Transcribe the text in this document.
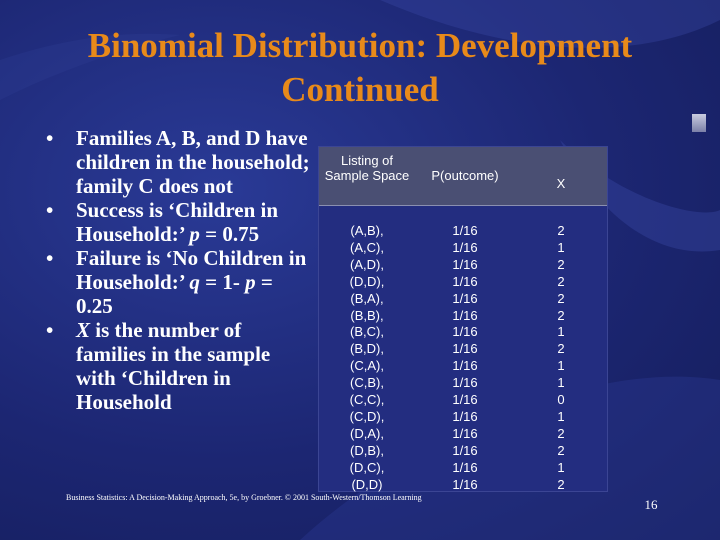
Binomial Distribution: Development
Continued
• Families A, B, and D have children in the household; family C does not
• Success is ‘Children in Household:’ p = 0.75
• Failure is ‘No Children in Household:’ q = 1- p = 0.25
• X is the number of families in the sample with ‘Children in Household
Listing of Sample Space	P(outcome)
X
(A,B),
(A,C),
(A,D),
(D,D),
(B,A),
(B,B),
(B,C),
(B,D),
(C,A),
(C,B),
(C,C),
(C,D),
(D,A),
(D,B),
(D,C),
(D,D)
1/16
1/16
1/16
1/16
1/16
1/16
1/16
1/16
1/16
1/16
1/16
1/16
1/16
1/16
1/16
1/16
2
1
2
2
2
2
1
2
1
1
0
1
2
2
1
2
Business Statistics: A Decision-Making Approach, 5e, by Groebner. © 2001 South-Western/Thomson Learning	16
